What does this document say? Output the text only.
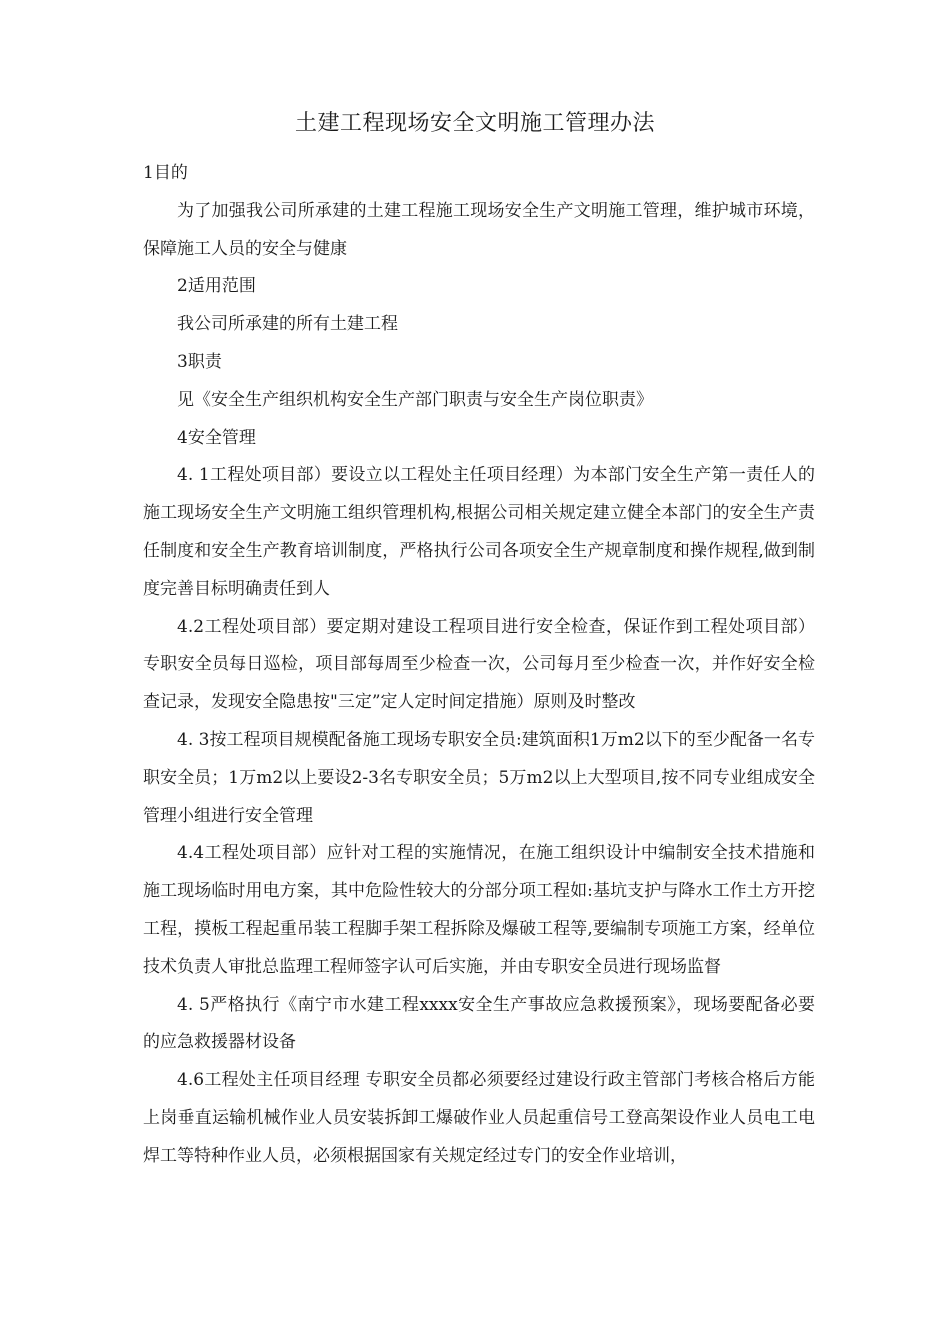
土建工程现场安全文明施工管理办法

1目的

为了加强我公司所承建的土建工程施工现场安全生产文明施工管理，维护城市环境，保障施工人员的安全与健康

2适用范围

我公司所承建的所有土建工程

3职责

见《安全生产组织机构安全生产部门职责与安全生产岗位职责》

4安全管理

4. 1工程处项目部）要设立以工程处主任项目经理）为本部门安全生产第一责任人的施工现场安全生产文明施工组织管理机构,根据公司相关规定建立健全本部门的安全生产责任制度和安全生产教育培训制度，严格执行公司各项安全生产规章制度和操作规程,做到制度完善目标明确责任到人

4.2工程处项目部）要定期对建设工程项目进行安全检查，保证作到工程处项目部）专职安全员每日巡检，项目部每周至少检查一次，公司每月至少检查一次，并作好安全检查记录，发现安全隐患按"三定”定人定时间定措施）原则及时整改

4. 3按工程项目规模配备施工现场专职安全员:建筑面积1万m2以下的至少配备一名专职安全员；1万m2以上要设2-3名专职安全员；5万m2以上大型项目,按不同专业组成安全管理小组进行安全管理

4.4工程处项目部）应针对工程的实施情况，在施工组织设计中编制安全技术措施和施工现场临时用电方案，其中危险性较大的分部分项工程如:基坑支护与降水工作土方开挖工程，摸板工程起重吊装工程脚手架工程拆除及爆破工程等,要编制专项施工方案，经单位技术负责人审批总监理工程师签字认可后实施，并由专职安全员进行现场监督

4. 5严格执行《南宁市水建工程xxxx安全生产事故应急救援预案》，现场要配备必要的应急救援器材设备

4.6工程处主任项目经理 专职安全员都必须要经过建设行政主管部门考核合格后方能上岗垂直运输机械作业人员安装拆卸工爆破作业人员起重信号工登高架设作业人员电工电焊工等特种作业人员，必须根据国家有关规定经过专门的安全作业培训，
